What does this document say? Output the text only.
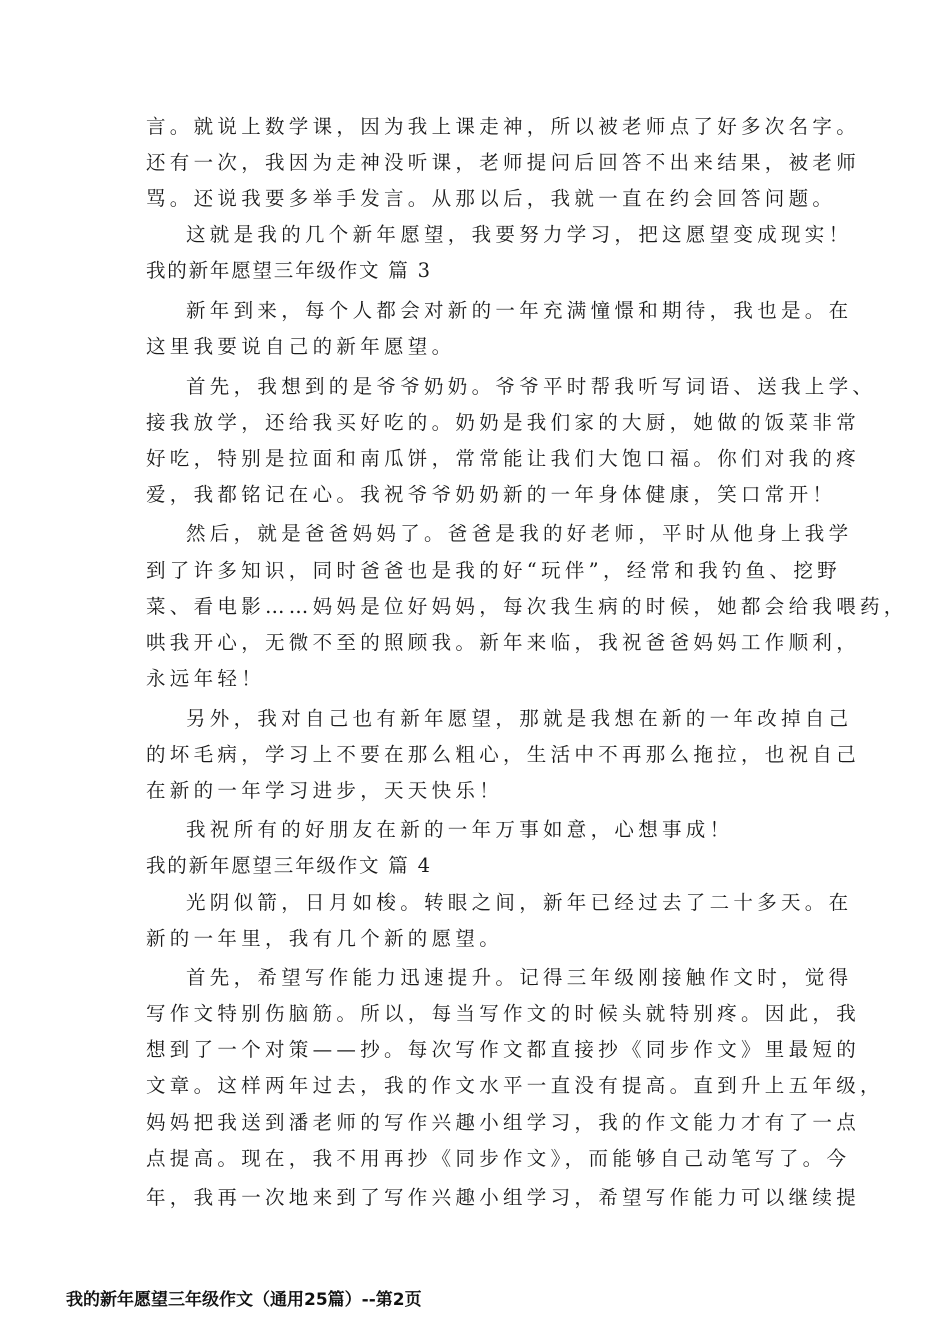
言。就说上数学课，因为我上课走神，所以被老师点了好多次名字。
还有一次，我因为走神没听课，老师提问后回答不出来结果，被老师
骂。还说我要多举手发言。从那以后，我就一直在约会回答问题。
这就是我的几个新年愿望，我要努力学习，把这愿望变成现实！
我的新年愿望三年级作文 篇 3
新年到来，每个人都会对新的一年充满憧憬和期待，我也是。在
这里我要说自己的新年愿望。
首先，我想到的是爷爷奶奶。爷爷平时帮我听写词语、送我上学、
接我放学，还给我买好吃的。奶奶是我们家的大厨，她做的饭菜非常
好吃，特别是拉面和南瓜饼，常常能让我们大饱口福。你们对我的疼
爱，我都铭记在心。我祝爷爷奶奶新的一年身体健康，笑口常开！
然后，就是爸爸妈妈了。爸爸是我的好老师，平时从他身上我学
到了许多知识，同时爸爸也是我的好“玩伴”，经常和我钓鱼、挖野
菜、看电影……妈妈是位好妈妈，每次我生病的时候，她都会给我喂药，
哄我开心，无微不至的照顾我。新年来临，我祝爸爸妈妈工作顺利，
永远年轻！
另外，我对自己也有新年愿望，那就是我想在新的一年改掉自己
的坏毛病，学习上不要在那么粗心，生活中不再那么拖拉，也祝自己
在新的一年学习进步，天天快乐！
我祝所有的好朋友在新的一年万事如意，心想事成！
我的新年愿望三年级作文 篇 4
光阴似箭，日月如梭。转眼之间，新年已经过去了二十多天。在
新的一年里，我有几个新的愿望。
首先，希望写作能力迅速提升。记得三年级刚接触作文时，觉得
写作文特别伤脑筋。所以，每当写作文的时候头就特别疼。因此，我
想到了一个对策——抄。每次写作文都直接抄《同步作文》里最短的
文章。这样两年过去，我的作文水平一直没有提高。直到升上五年级，
妈妈把我送到潘老师的写作兴趣小组学习，我的作文能力才有了一点
点提高。现在，我不用再抄《同步作文》，而能够自己动笔写了。今
年，我再一次地来到了写作兴趣小组学习，希望写作能力可以继续提
我的新年愿望三年级作文（通用25篇）--第2页
